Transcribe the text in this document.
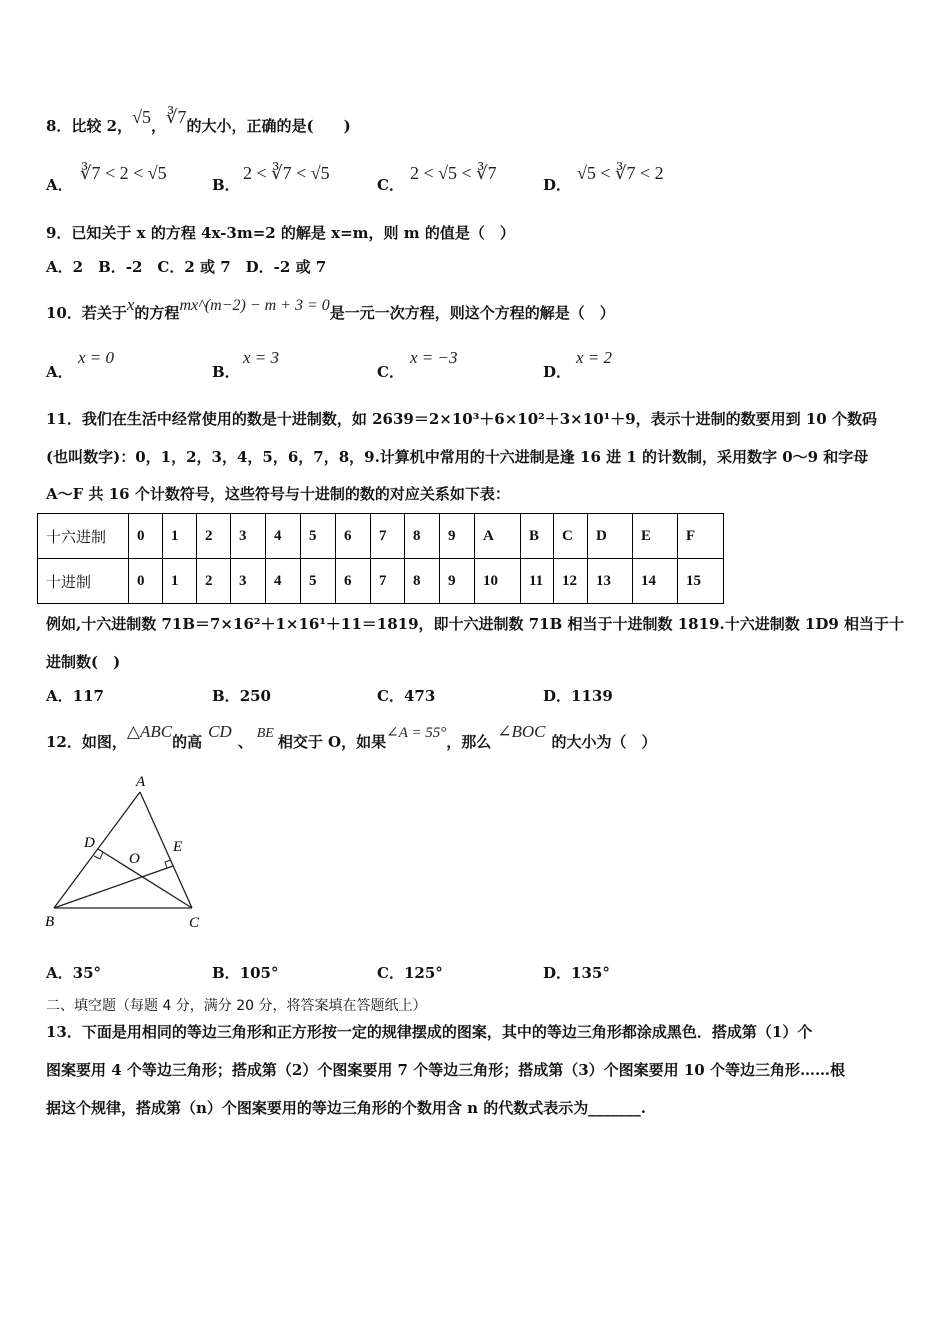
8．比较 2，√5，∛7的大小，正确的是(　　)
A．
∛7 < 2 < √5
B．
2 < ∛7 < √5
C．
2 < √5 < ∛7
D．
√5 < ∛7 < 2
9．已知关于 x 的方程 4x-3m=2 的解是 x=m，则 m 的值是（　）
A．2　B．-2　C．2 或 7　D．-2 或 7
10．若关于x的方程mx^(m−2) − m + 3 = 0是一元一次方程，则这个方程的解是（　）
A．
x = 0
B．
x = 3
C．
x = −3
D．
x = 2
11．我们在生活中经常使用的数是十进制数，如 2639＝2×10³＋6×10²＋3×10¹＋9，表示十进制的数要用到 10 个数码
(也叫数字)：0，1，2，3，4，5，6，7，8，9.计算机中常用的十六进制是逢 16 进 1 的计数制，采用数字 0～9 和字母
A～F 共 16 个计数符号，这些符号与十进制的数的对应关系如下表：
十六进制	0	1	2	3	4	5	6	7	8	9	A	B	C	D	E	F
十进制	0	1	2	3	4	5	6	7	8	9	10	11	12	13	14	15
例如,十六进制数 71B＝7×16²＋1×16¹＋11＝1819，即十六进制数 71B 相当于十进制数 1819.十六进制数 1D9 相当于十
进制数(　)
A．117	B．250	C．473	D．1139
12．如图，△ABC的高CD、 BE 相交于 O，如果∠A = 55°，那么∠BOC的大小为（　）
A
B	C
D	E
O
A．35°	B．105°	C．125°	D．135°
二、填空题（每题 4 分，满分 20 分，将答案填在答题纸上）
13．下面是用相同的等边三角形和正方形按一定的规律摆成的图案，其中的等边三角形都涂成黑色．搭成第（1）个
图案要用 4 个等边三角形；搭成第（2）个图案要用 7 个等边三角形；搭成第（3）个图案要用 10 个等边三角形……根
据这个规律，搭成第（n）个图案要用的等边三角形的个数用含 n 的代数式表示为_______.
